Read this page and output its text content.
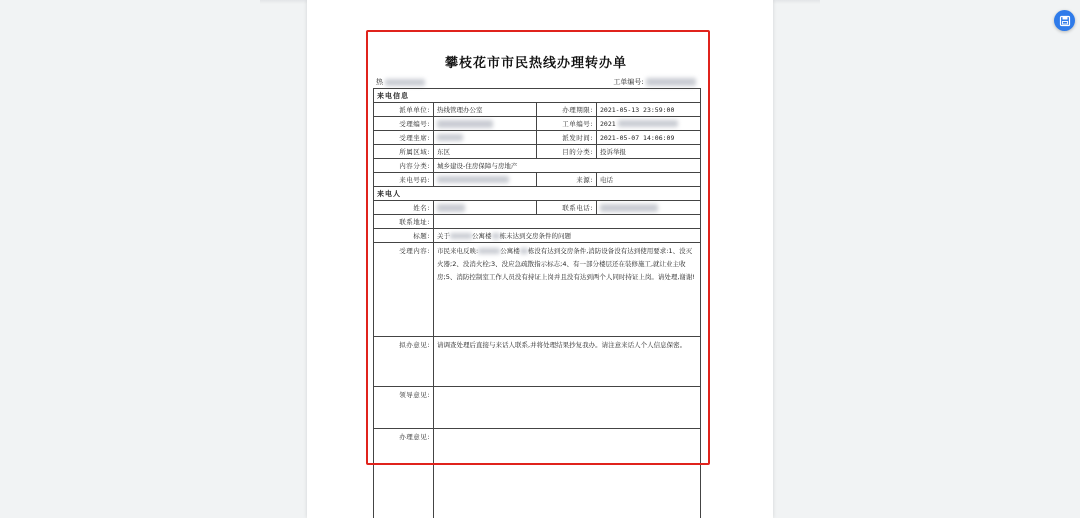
攀枝花市市民热线办理转办单
热	工单编号:
来电信息			
派单单位:	热线管理办公室	办理期限:	2021-05-13 23:59:00
受理编号:		工单编号:	2021
受理坐席:		派发时间:	2021-05-07 14:06:09
所属区域:	东区	目的分类:	投诉举报
内容分类:	城乡建设-住房保障与房地产		
来电号码:		来源:	电话
来电人			
姓名:		联系电话:	
联系地址:			
标题:	关于 公寓楼 栋未达到交房条件的问题		
受理内容:	市民来电反映: 公寓楼 栋没有达到交房条件,消防设备没有达到使用要求:1、没灭火器;2、没消火栓;3、没应急疏散指示标志;4、有一部分楼层还在装修施工,就让业主收房;5、消防控制室工作人员没有持证上岗并且没有达到两个人同时持证上岗。请处理,谢谢!		
拟办意见:	请调查处理后直接与来话人联系,并将处理结果抄复我办。请注意来话人个人信息保密。		
领导意见:			
办理意见:			
